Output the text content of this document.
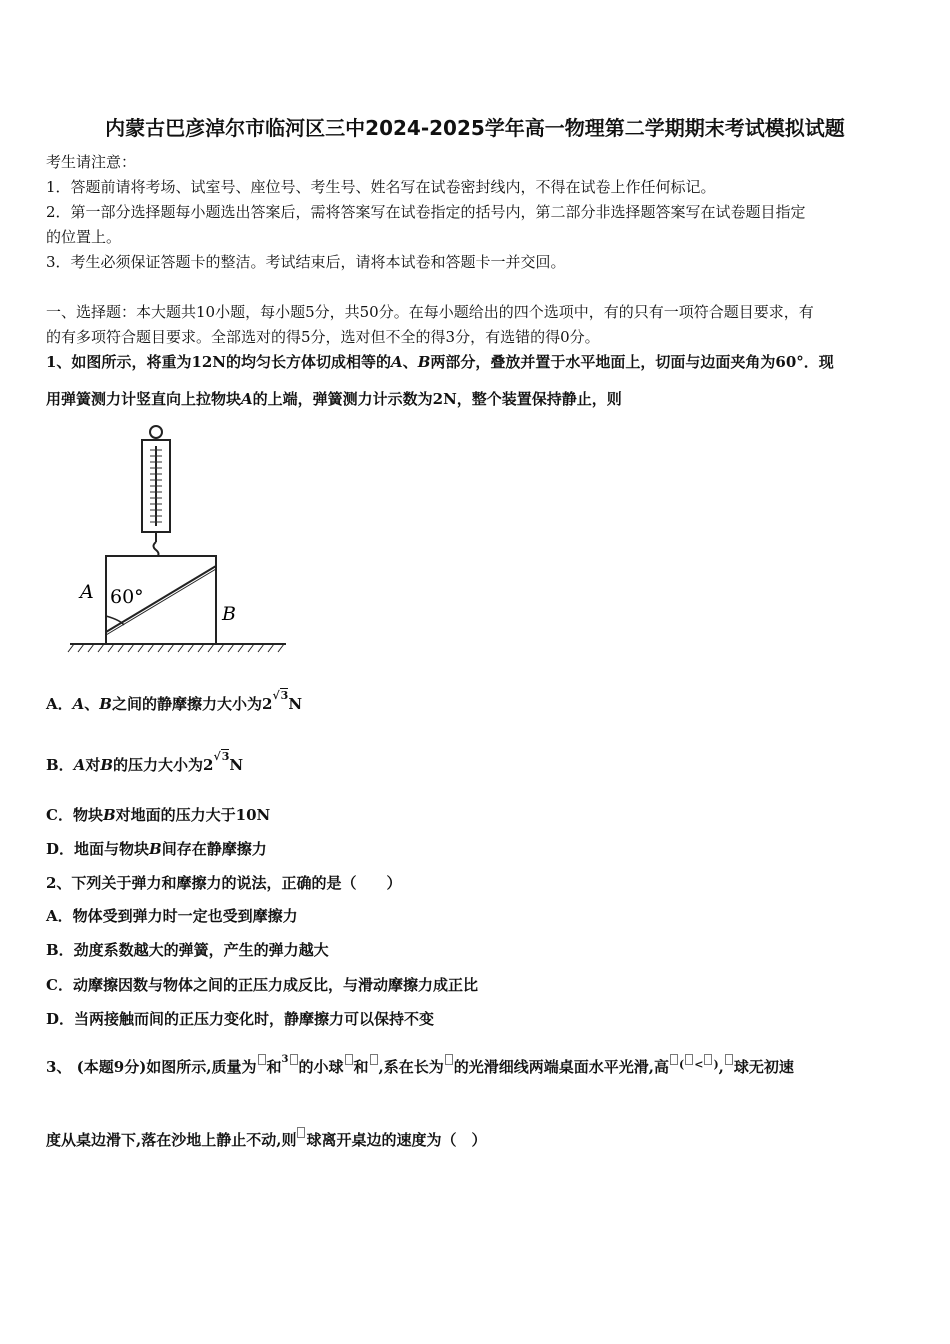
内蒙古巴彦淖尔市临河区三中2024-2025学年高一物理第二学期期末考试模拟试题
考生请注意：
1．答题前请将考场、试室号、座位号、考生号、姓名写在试卷密封线内，不得在试卷上作任何标记。
2．第一部分选择题每小题选出答案后，需将答案写在试卷指定的括号内，第二部分非选择题答案写在试卷题目指定
的位置上。
3．考生必须保证答题卡的整洁。考试结束后，请将本试卷和答题卡一并交回。
一、选择题：本大题共10小题，每小题5分，共50分。在每小题给出的四个选项中，有的只有一项符合题目要求，有
的有多项符合题目要求。全部选对的得5分，选对但不全的得3分，有选错的得0分。
1、如图所示，将重为12N的均匀长方体切成相等的A、B两部分，叠放并置于水平地面上，切面与边面夹角为60°．现
用弹簧测力计竖直向上拉物块A的上端，弹簧测力计示数为2N，整个装置保持静止，则
60°
A
B
A．A、B之间的静摩擦力大小为2√3N
B．A对B的压力大小为2√3N
C．物块B对地面的压力大于10N
D．地面与物块B间存在静摩擦力
2、下列关于弹力和摩擦力的说法，正确的是（　　）
A．物体受到弹力时一定也受到摩擦力
B．劲度系数越大的弹簧，产生的弹力越大
C．动摩擦因数与物体之间的正压力成反比，与滑动摩擦力成正比
D．当两接触而间的正压力变化时，静摩擦力可以保持不变
3、 (本题9分)如图所示,质量为 和3 的小球 和 ,系在长为 的光滑细线两端桌面水平光滑,高 ( < ), 球无初速
度从桌边滑下,落在沙地上静止不动,则 球离开桌边的速度为（　）
